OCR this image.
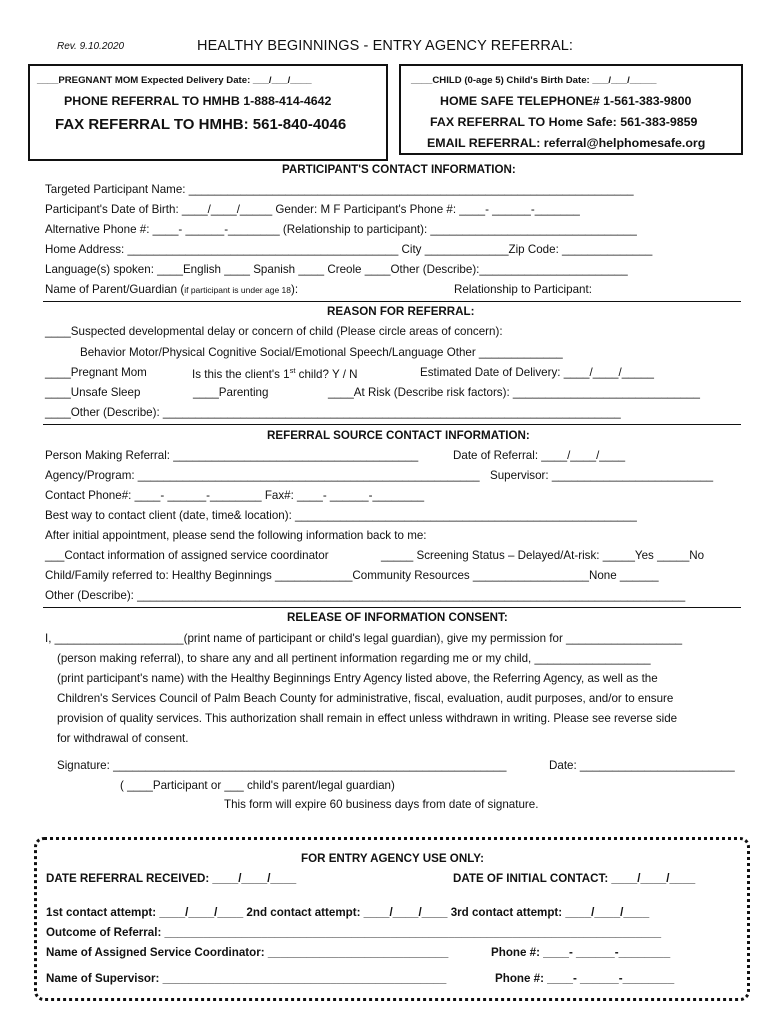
Rev. 9.10.2020	HEALTHY BEGINNINGS - ENTRY AGENCY REFERRAL:
____PREGNANT MOM Expected Delivery Date: ___/___/____
PHONE REFERRAL TO HMHB 1-888-414-4642
FAX REFERRAL TO HMHB: 561-840-4046
____CHILD (0-age 5) Child's Birth Date: ___/___/_____
HOME SAFE TELEPHONE# 1-561-383-9800
FAX REFERRAL TO Home Safe: 561-383-9859
EMAIL REFERRAL: referral@helphomesafe.org
PARTICIPANT'S CONTACT INFORMATION:
Targeted Participant Name: _____________________________________________________________________
Participant's Date of Birth: ____/____/_____ Gender: M F Participant's Phone #: ____- ______-_______
Alternative Phone #: ____- ______-________ (Relationship to participant): ________________________________
Home Address: __________________________________________ City _____________Zip Code: ______________
Language(s) spoken: ____English ____ Spanish ____ Creole ____Other (Describe):_______________________
Name of Parent/Guardian (if participant is under age 18):	Relationship to Participant:
REASON FOR REFERRAL:
____Suspected developmental delay or concern of child (Please circle areas of concern):
Behavior Motor/Physical Cognitive Social/Emotional Speech/Language Other _____________
____Pregnant Mom	Is this the client's 1st child? Y / N	Estimated Date of Delivery: ____/____/_____
____Unsafe Sleep	____Parenting	____At Risk (Describe risk factors): _____________________________
____Other (Describe): _______________________________________________________________________
REFERRAL SOURCE CONTACT INFORMATION:
Person Making Referral: ______________________________________	Date of Referral: ____/____/____
Agency/Program: _____________________________________________________ Supervisor: _________________________
Contact Phone#: ____- ______-________ Fax#: ____- ______-________
Best way to contact client (date, time& location): _____________________________________________________
After initial appointment, please send the following information back to me:
___Contact information of assigned service coordinator	_____ Screening Status – Delayed/At-risk: _____Yes _____No
Child/Family referred to: Healthy Beginnings ____________Community Resources __________________None ______
Other (Describe): _____________________________________________________________________________________
RELEASE OF INFORMATION CONSENT:
I, ____________________(print name of participant or child's legal guardian), give my permission for __________________
(person making referral), to share any and all pertinent information regarding me or my child, __________________
(print participant's name) with the Healthy Beginnings Entry Agency listed above, the Referring Agency, as well as the
Children's Services Council of Palm Beach County for administrative, fiscal, evaluation, audit purposes, and/or to ensure
provision of quality services. This authorization shall remain in effect unless withdrawn in writing. Please see reverse side
for withdrawal of consent.
Signature: _____________________________________________________________	Date: ________________________
( ____Participant or ___ child's parent/legal guardian)
This form will expire 60 business days from date of signature.
FOR ENTRY AGENCY USE ONLY:
DATE REFERRAL RECEIVED: ____/____/____	DATE OF INITIAL CONTACT: ____/____/____
1st contact attempt: ____/____/____ 2nd contact attempt: ____/____/____ 3rd contact attempt: ____/____/____
Outcome of Referral: _____________________________________________________________________________
Name of Assigned Service Coordinator: ____________________________	Phone #: ____- ______-________
Name of Supervisor: ____________________________________________	Phone #: ____- ______-________
